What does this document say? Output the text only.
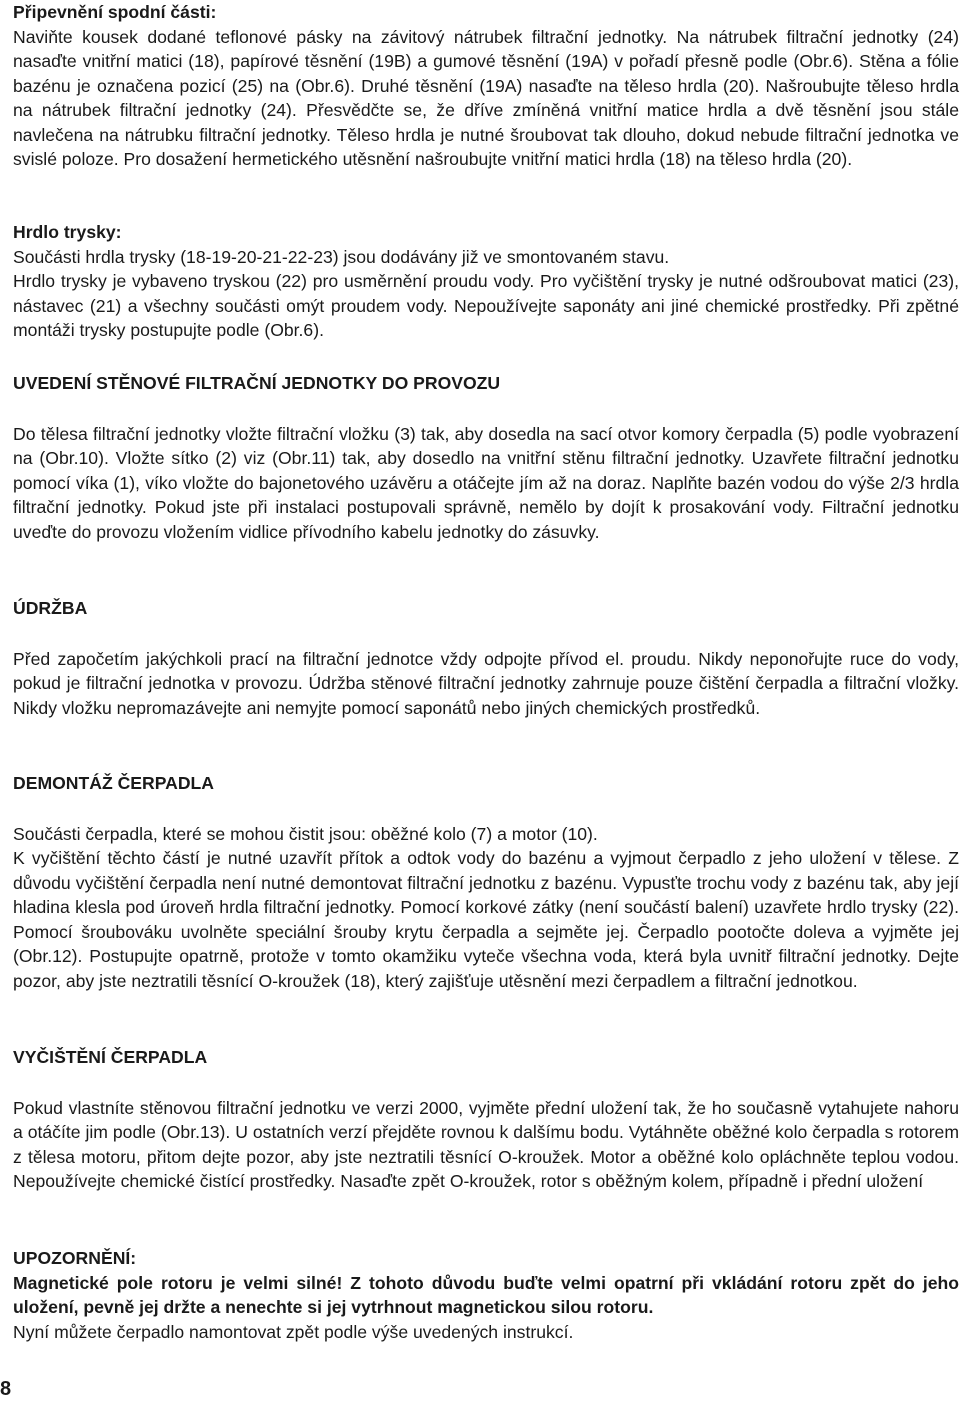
Připevnění spodní části:

Naviňte kousek dodané teflonové pásky na závitový nátrubek filtrační jednotky. Na nátrubek filtrační jednotky (24) nasaďte vnitřní matici (18), papírové těsnění (19B) a gumové těsnění (19A) v pořadí přesně podle (Obr.6). Stěna a fólie bazénu je označena pozicí (25) na (Obr.6). Druhé těsnění (19A) nasaďte na těleso hrdla (20). Našroubujte těleso hrdla na nátrubek filtrační jednotky (24). Přesvědčte se, že dříve zmíněná vnitřní matice hrdla a dvě těsnění jsou stále navlečena na nátrubku filtrační jednotky. Těleso hrdla je nutné šroubovat tak dlouho, dokud nebude filtrační jednotka ve svislé poloze. Pro dosažení hermetického utěsnění našroubujte vnitřní matici hrdla (18) na těleso hrdla (20).

Hrdlo trysky:

Součásti hrdla trysky (18-19-20-21-22-23) jsou dodávány již ve smontovaném stavu.

Hrdlo trysky je vybaveno tryskou (22) pro usměrnění proudu vody. Pro vyčištění trysky je nutné odšroubovat matici (23), nástavec (21) a všechny součásti omýt proudem vody. Nepoužívejte saponáty ani jiné chemické prostředky. Při zpětné montáži trysky postupujte podle (Obr.6).

UVEDENÍ STĚNOVÉ FILTRAČNÍ JEDNOTKY DO PROVOZU

Do tělesa filtrační jednotky vložte filtrační vložku (3) tak, aby dosedla na sací otvor komory čerpadla (5) podle vyobrazení na (Obr.10). Vložte sítko (2) viz (Obr.11) tak, aby dosedlo na vnitřní stěnu filtrační jednotky. Uzavřete filtrační jednotku pomocí víka (1), víko vložte do bajonetového uzávěru a otáčejte jím až na doraz. Naplňte bazén vodou do výše 2/3 hrdla filtrační jednotky. Pokud jste při instalaci postupovali správně, nemělo by dojít k prosakování vody. Filtrační jednotku uveďte do provozu vložením vidlice přívodního kabelu jednotky do zásuvky.

ÚDRŽBA

Před započetím jakýchkoli prací na filtrační jednotce vždy odpojte přívod el. proudu. Nikdy neponořujte ruce do vody, pokud je filtrační jednotka v provozu. Údržba stěnové filtrační jednotky zahrnuje pouze čištění čerpadla a filtrační vložky. Nikdy vložku nepromazávejte ani nemyjte pomocí saponátů nebo jiných chemických prostředků.

DEMONTÁŽ ČERPADLA

Součásti čerpadla, které se mohou čistit jsou: oběžné kolo (7) a motor (10).

K vyčištění těchto částí je nutné uzavřít přítok a odtok vody do bazénu a vyjmout čerpadlo z jeho uložení v tělese. Z důvodu vyčištění čerpadla není nutné demontovat filtrační jednotku z bazénu. Vypusťte trochu vody z bazénu tak, aby její hladina klesla pod úroveň hrdla filtrační jednotky. Pomocí korkové zátky (není součástí balení) uzavřete hrdlo trysky (22). Pomocí šroubováku uvolněte speciální šrouby krytu čerpadla a sejměte jej. Čerpadlo pootočte doleva a vyjměte jej (Obr.12). Postupujte opatrně, protože v tomto okamžiku vyteče všechna voda, která byla uvnitř filtrační jednotky. Dejte pozor, aby jste neztratili těsnící O-kroužek (18), který zajišťuje utěsnění mezi čerpadlem a filtrační jednotkou.

VYČIŠTĚNÍ ČERPADLA

Pokud vlastníte stěnovou filtrační jednotku ve verzi 2000, vyjměte přední uložení tak, že ho současně vytahujete nahoru a otáčíte jim podle (Obr.13). U ostatních verzí přejděte rovnou k dalšímu bodu. Vytáhněte oběžné kolo čerpadla s rotorem z tělesa motoru, přitom dejte pozor, aby jste neztratili těsnící O-kroužek. Motor a oběžné kolo opláchněte teplou vodou. Nepoužívejte chemické čistící prostředky. Nasaďte zpět O-kroužek, rotor s oběžným kolem, případně i přední uložení

UPOZORNĚNÍ:

Magnetické pole rotoru je velmi silné! Z tohoto důvodu buďte velmi opatrní při vkládání rotoru zpět do jeho uložení, pevně jej držte a nenechte si jej vytrhnout magnetickou silou rotoru.

Nyní můžete čerpadlo namontovat zpět podle výše uvedených instrukcí.

8
